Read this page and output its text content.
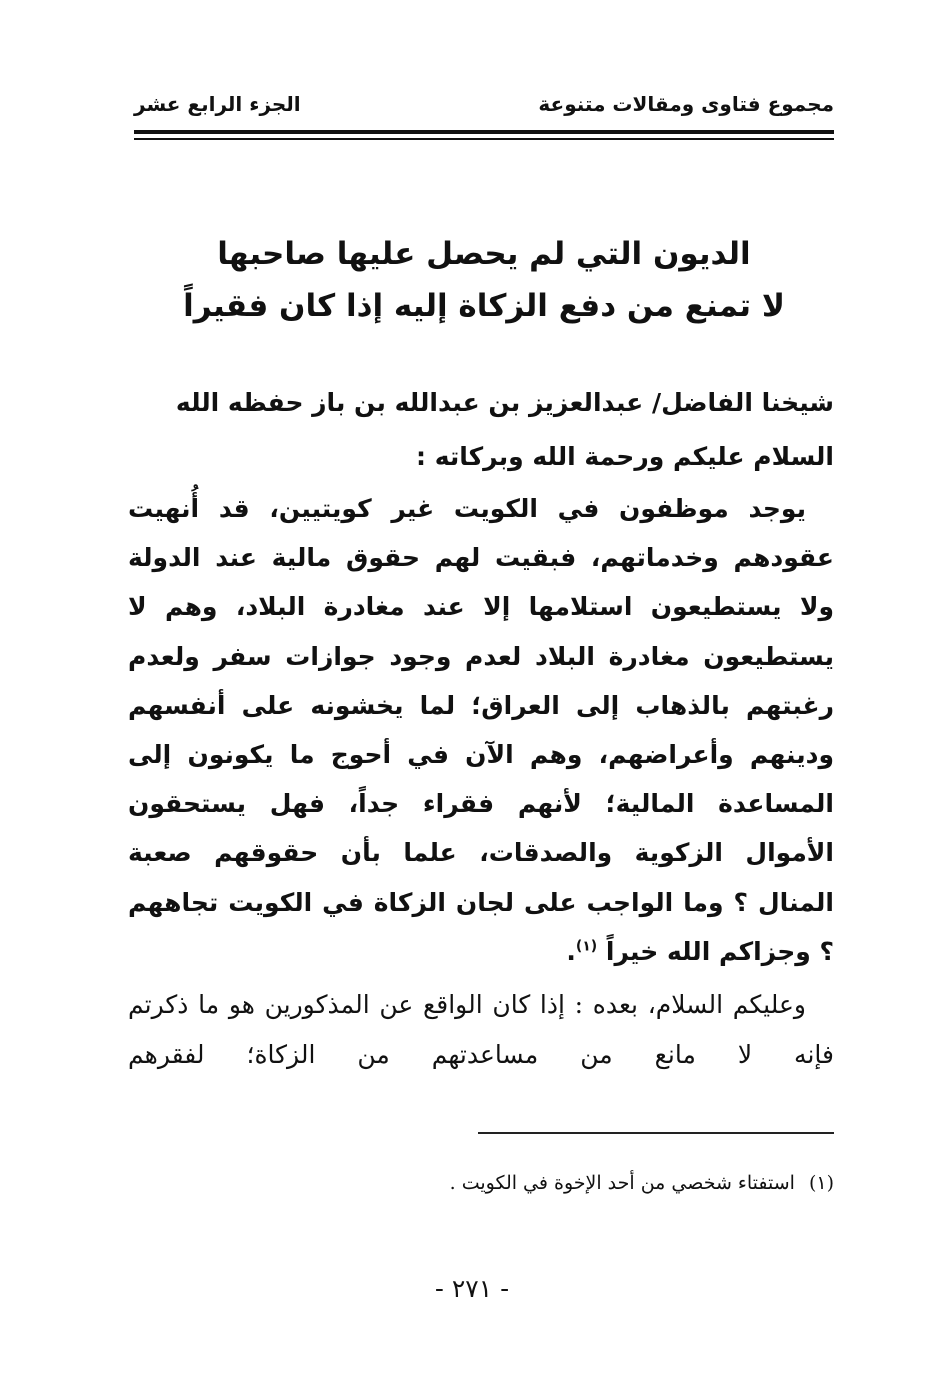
مجموع فتاوى ومقالات متنوعة
الجزء الرابع عشر
الديون التي لم يحصل عليها صاحبها
لا تمنع من دفع الزكاة إليه إذا كان فقيراً
شيخنا الفاضل/ عبدالعزيز بن عبدالله بن باز حفظه الله
السلام عليكم ورحمة الله وبركاته :

يوجد موظفون في الكويت غير كويتيين، قد أُنهيت عقودهم وخدماتهم، فبقيت لهم حقوق مالية عند الدولة ولا يستطيعون استلامها إلا عند مغادرة البلاد، وهم لا يستطيعون مغادرة البلاد لعدم وجود جوازات سفر ولعدم رغبتهم بالذهاب إلى العراق؛ لما يخشونه على أنفسهم ودينهم وأعراضهم، وهم الآن في أحوج ما يكونون إلى المساعدة المالية؛ لأنهم فقراء جداً، فهل يستحقون الأموال الزكوية والصدقات، علما بأن حقوقهم صعبة المنال ؟ وما الواجب على لجان الزكاة في الكويت تجاههم ؟ وجزاكم الله خيراً $^{(١)}$.

وعليكم السلام، بعده : إذا كان الواقع عن المذكورين هو ما ذكرتم فإنه لا مانع من مساعدتهم من الزكاة؛ لفقرهم

(١)استفتاء شخصي من أحد الإخوة في الكويت .
- ٢٧١ -
